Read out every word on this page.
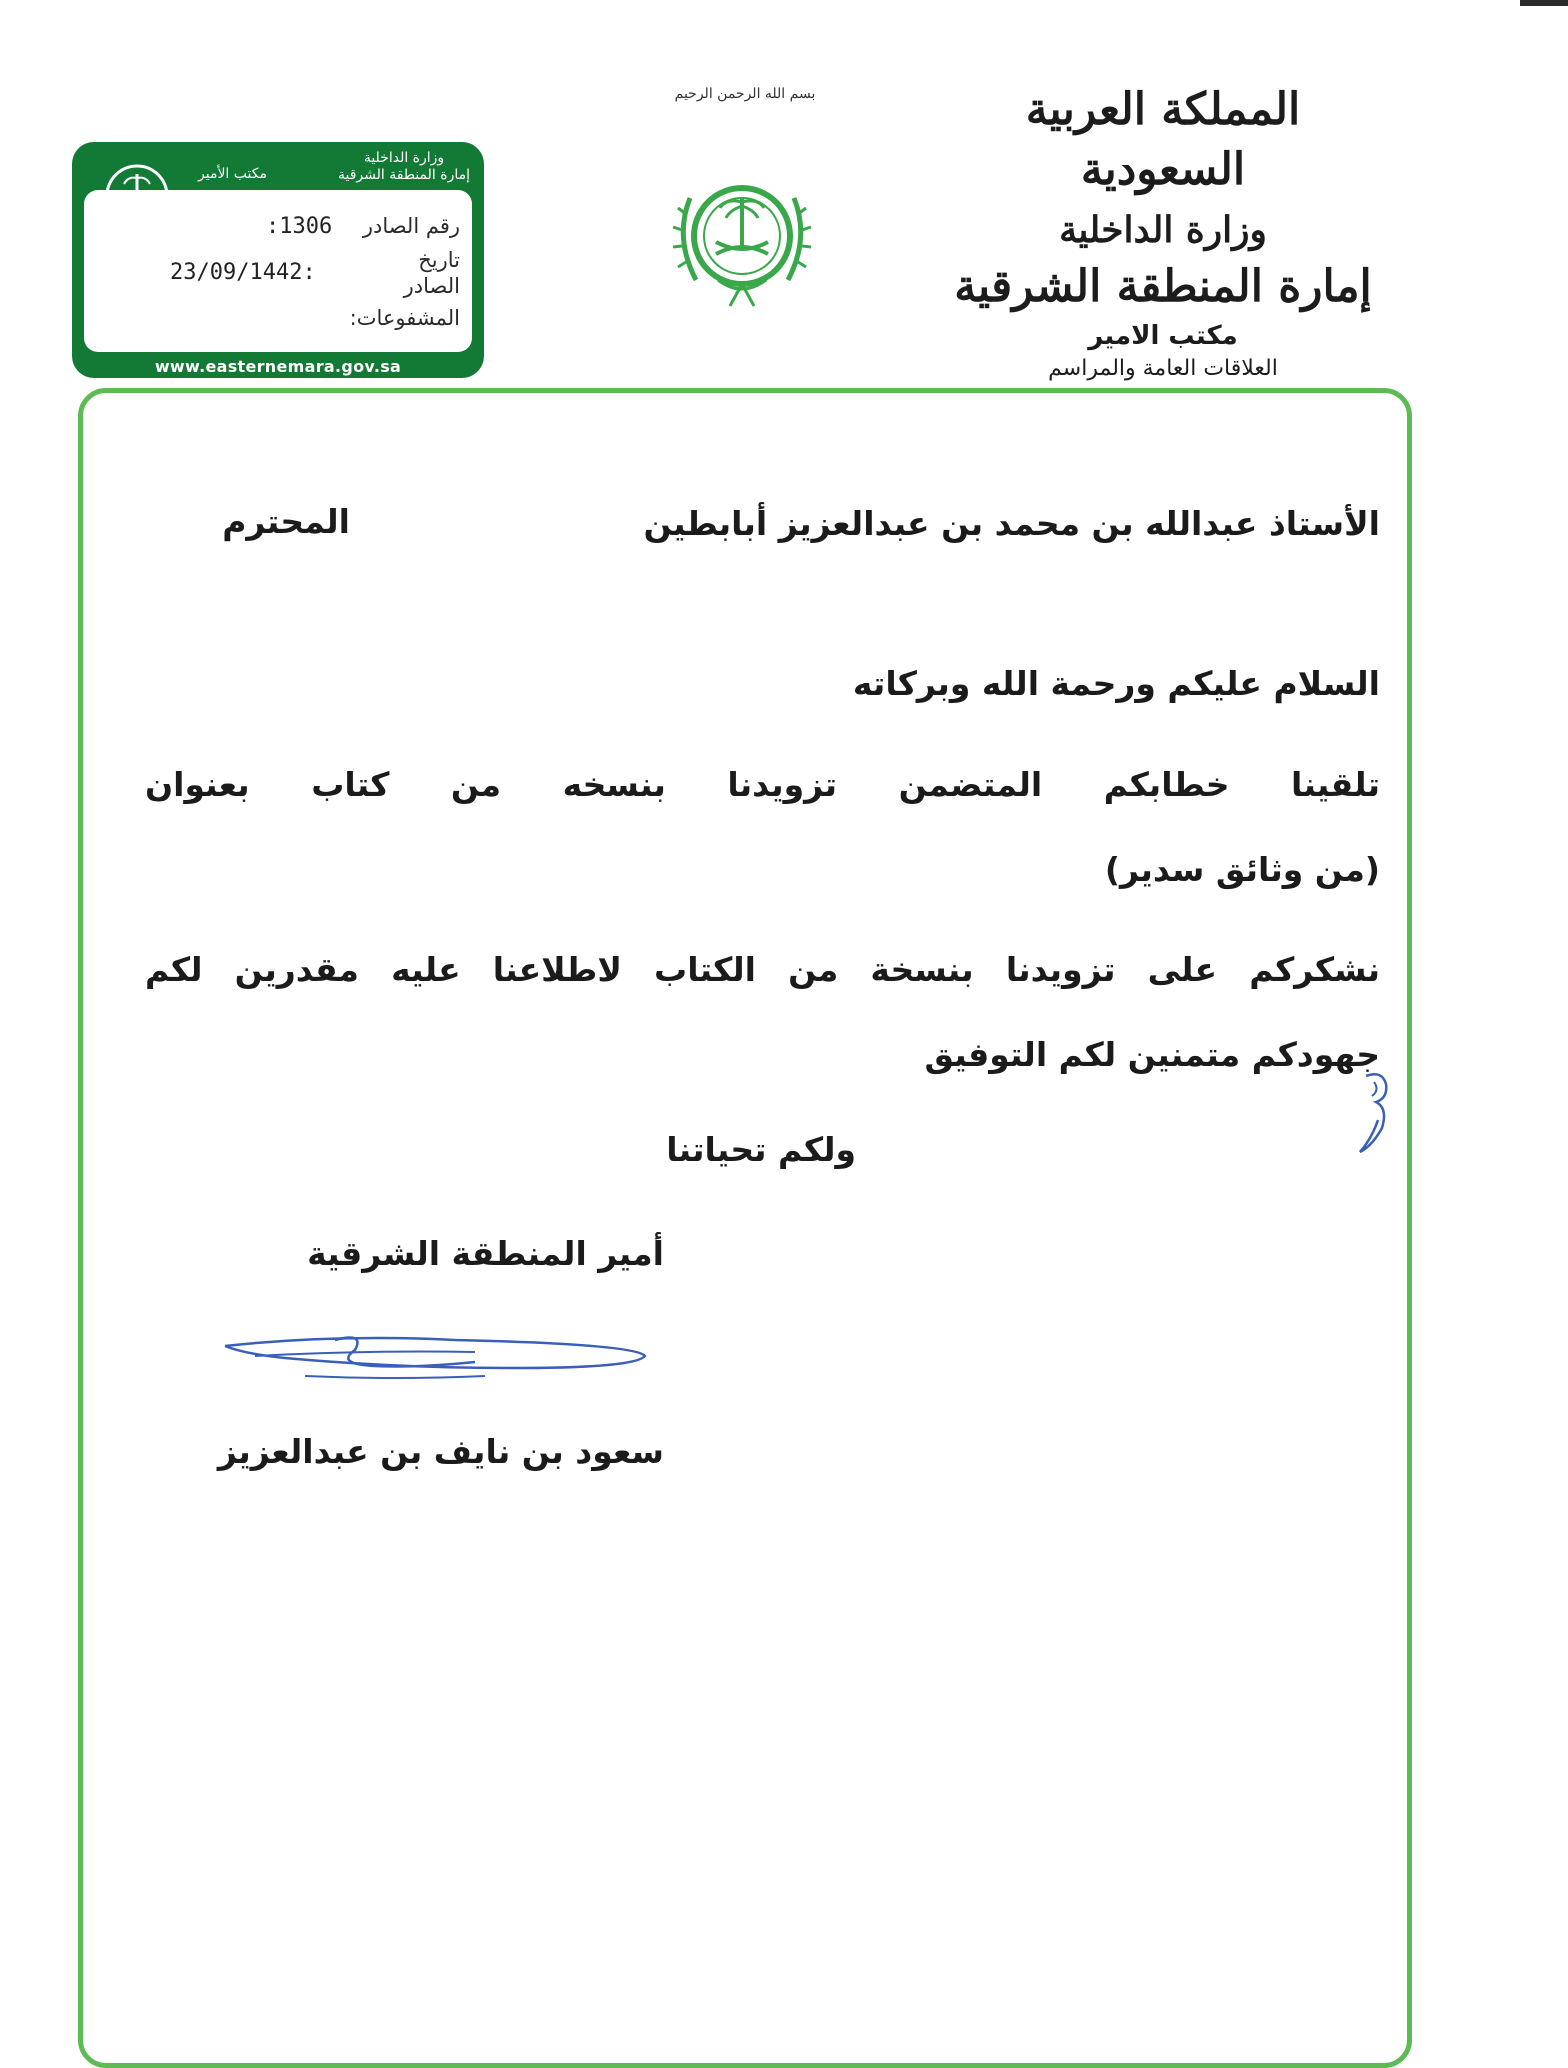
المملكة العربية السعودية
وزارة الداخلية
إمارة المنطقة الشرقية
مكتب الامير
العلاقات العامة والمراسم
بسم الله الرحمن الرحيم
وزارة الداخلية
إمارة المنطقة الشرقية
مكتب الأمير
رقم الصادر
:1306
تاريخ
الصادر
23/09/1442:
المشفوعات:
www.easternemara.gov.sa
الأستاذ عبدالله بن محمد بن عبدالعزيز أبابطين
المحترم
السلام عليكم ورحمة الله وبركاته
تلقينا خطابكم المتضمن تزويدنا بنسخه من كتاب بعنوان
(من وثائق سدير)
نشكركم على تزويدنا بنسخة من الكتاب لاطلاعنا عليه مقدرين لكم
جهودكم متمنين لكم التوفيق
ولكم تحياتنا
أمير المنطقة الشرقية
سعود بن نايف بن عبدالعزيز
